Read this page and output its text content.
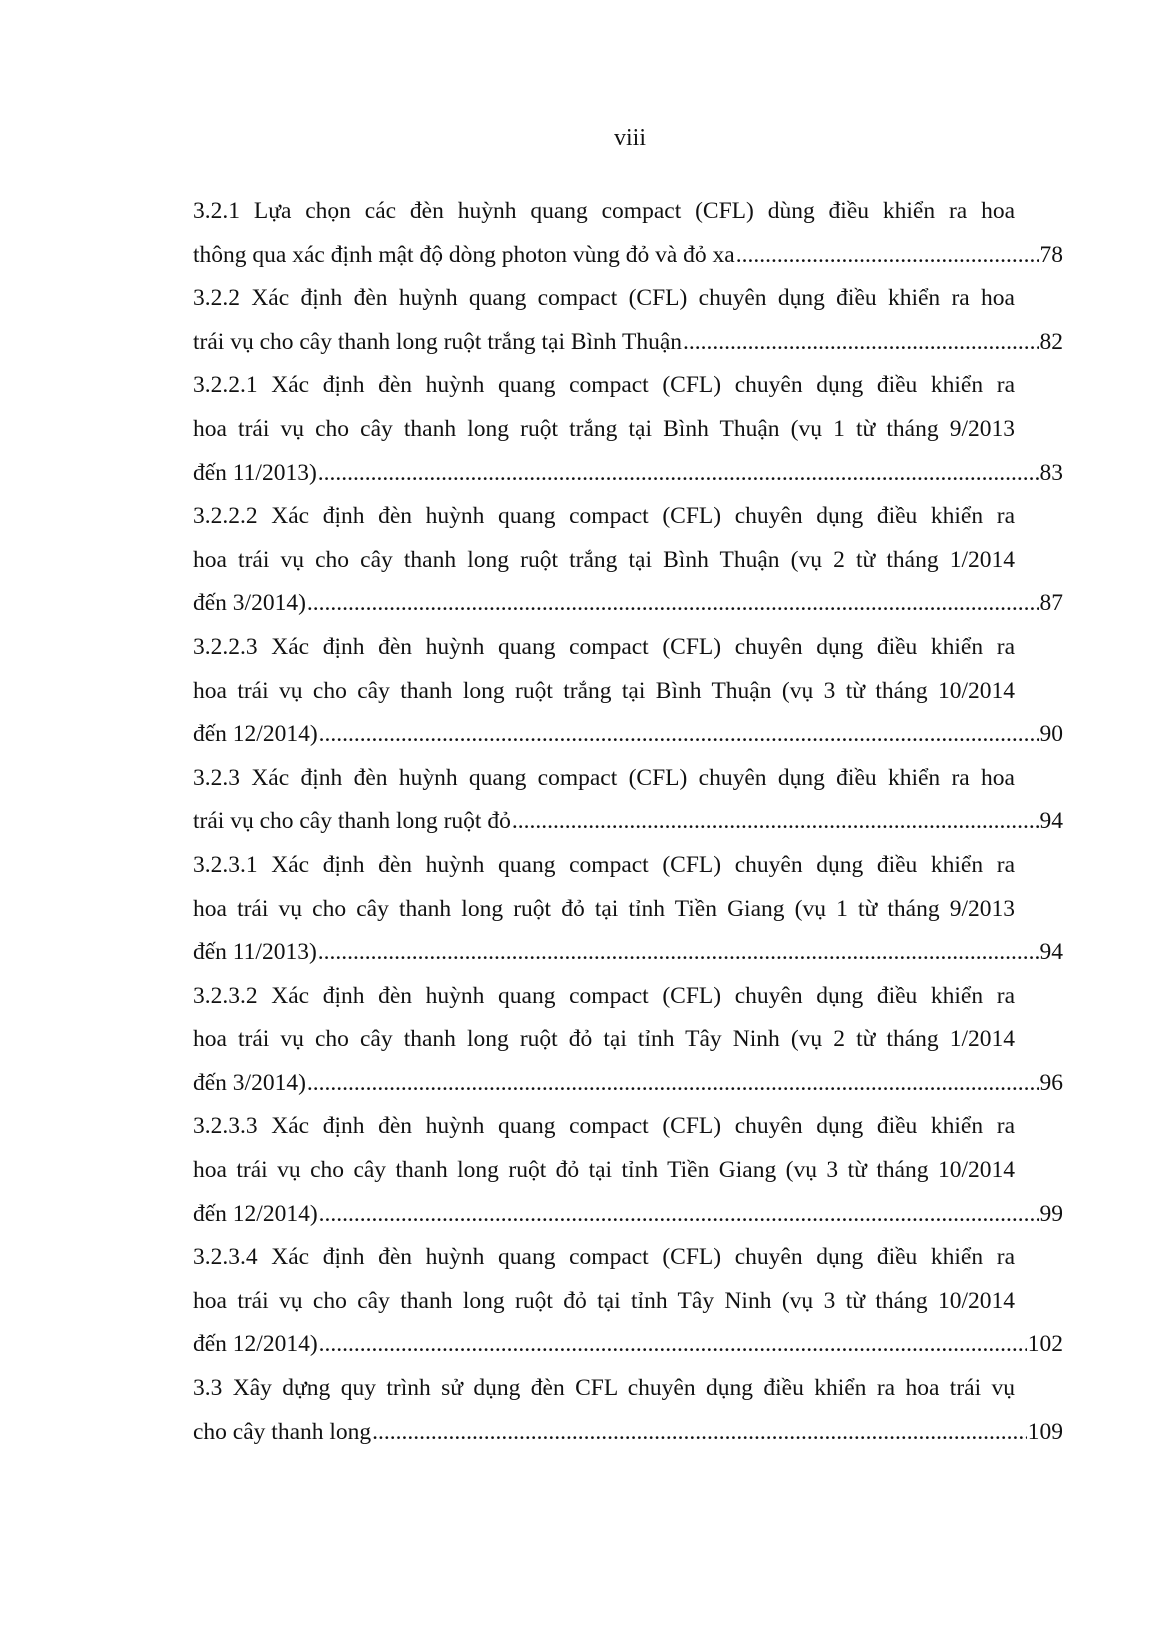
viii
3.2.1 Lựa chọn các đèn huỳnh quang compact (CFL) dùng điều khiển ra hoa
thông qua xác định mật độ dòng photon vùng đỏ và đỏ xa .....	78
3.2.2 Xác định đèn huỳnh quang compact (CFL) chuyên dụng điều khiển ra hoa
trái vụ cho cây thanh long ruột trắng tại Bình Thuận .....	82
3.2.2.1 Xác định đèn huỳnh quang compact (CFL) chuyên dụng điều khiển ra
hoa trái vụ cho cây thanh long ruột trắng tại Bình Thuận (vụ 1 từ tháng 9/2013
đến 11/2013) .....	83
3.2.2.2 Xác định đèn huỳnh quang compact (CFL) chuyên dụng điều khiển ra
hoa trái vụ cho cây thanh long ruột trắng tại Bình Thuận (vụ 2 từ tháng 1/2014
đến 3/2014) .....	87
3.2.2.3 Xác định đèn huỳnh quang compact (CFL) chuyên dụng điều khiển ra
hoa trái vụ cho cây thanh long ruột trắng tại Bình Thuận (vụ 3 từ tháng 10/2014
đến 12/2014) .....	90
3.2.3 Xác định đèn huỳnh quang compact (CFL) chuyên dụng điều khiển ra hoa
trái vụ cho cây thanh long ruột đỏ .....	94
3.2.3.1 Xác định đèn huỳnh quang compact (CFL) chuyên dụng điều khiển ra
hoa trái vụ cho cây thanh long ruột đỏ tại tỉnh Tiền Giang (vụ 1 từ tháng 9/2013
đến 11/2013) .....	94
3.2.3.2 Xác định đèn huỳnh quang compact (CFL) chuyên dụng điều khiển ra
hoa trái vụ cho cây thanh long ruột đỏ tại tỉnh Tây Ninh (vụ 2 từ tháng 1/2014
đến 3/2014) .....	96
3.2.3.3 Xác định đèn huỳnh quang compact (CFL) chuyên dụng điều khiển ra
hoa trái vụ cho cây thanh long ruột đỏ tại tỉnh Tiền Giang (vụ 3 từ tháng 10/2014
đến 12/2014) .....	99
3.2.3.4 Xác định đèn huỳnh quang compact (CFL) chuyên dụng điều khiển ra
hoa trái vụ cho cây thanh long ruột đỏ tại tỉnh Tây Ninh (vụ 3 từ tháng 10/2014
đến 12/2014) .....	102
3.3 Xây dựng quy trình sử dụng đèn CFL chuyên dụng điều khiển ra hoa trái vụ
cho cây thanh long .....	109
